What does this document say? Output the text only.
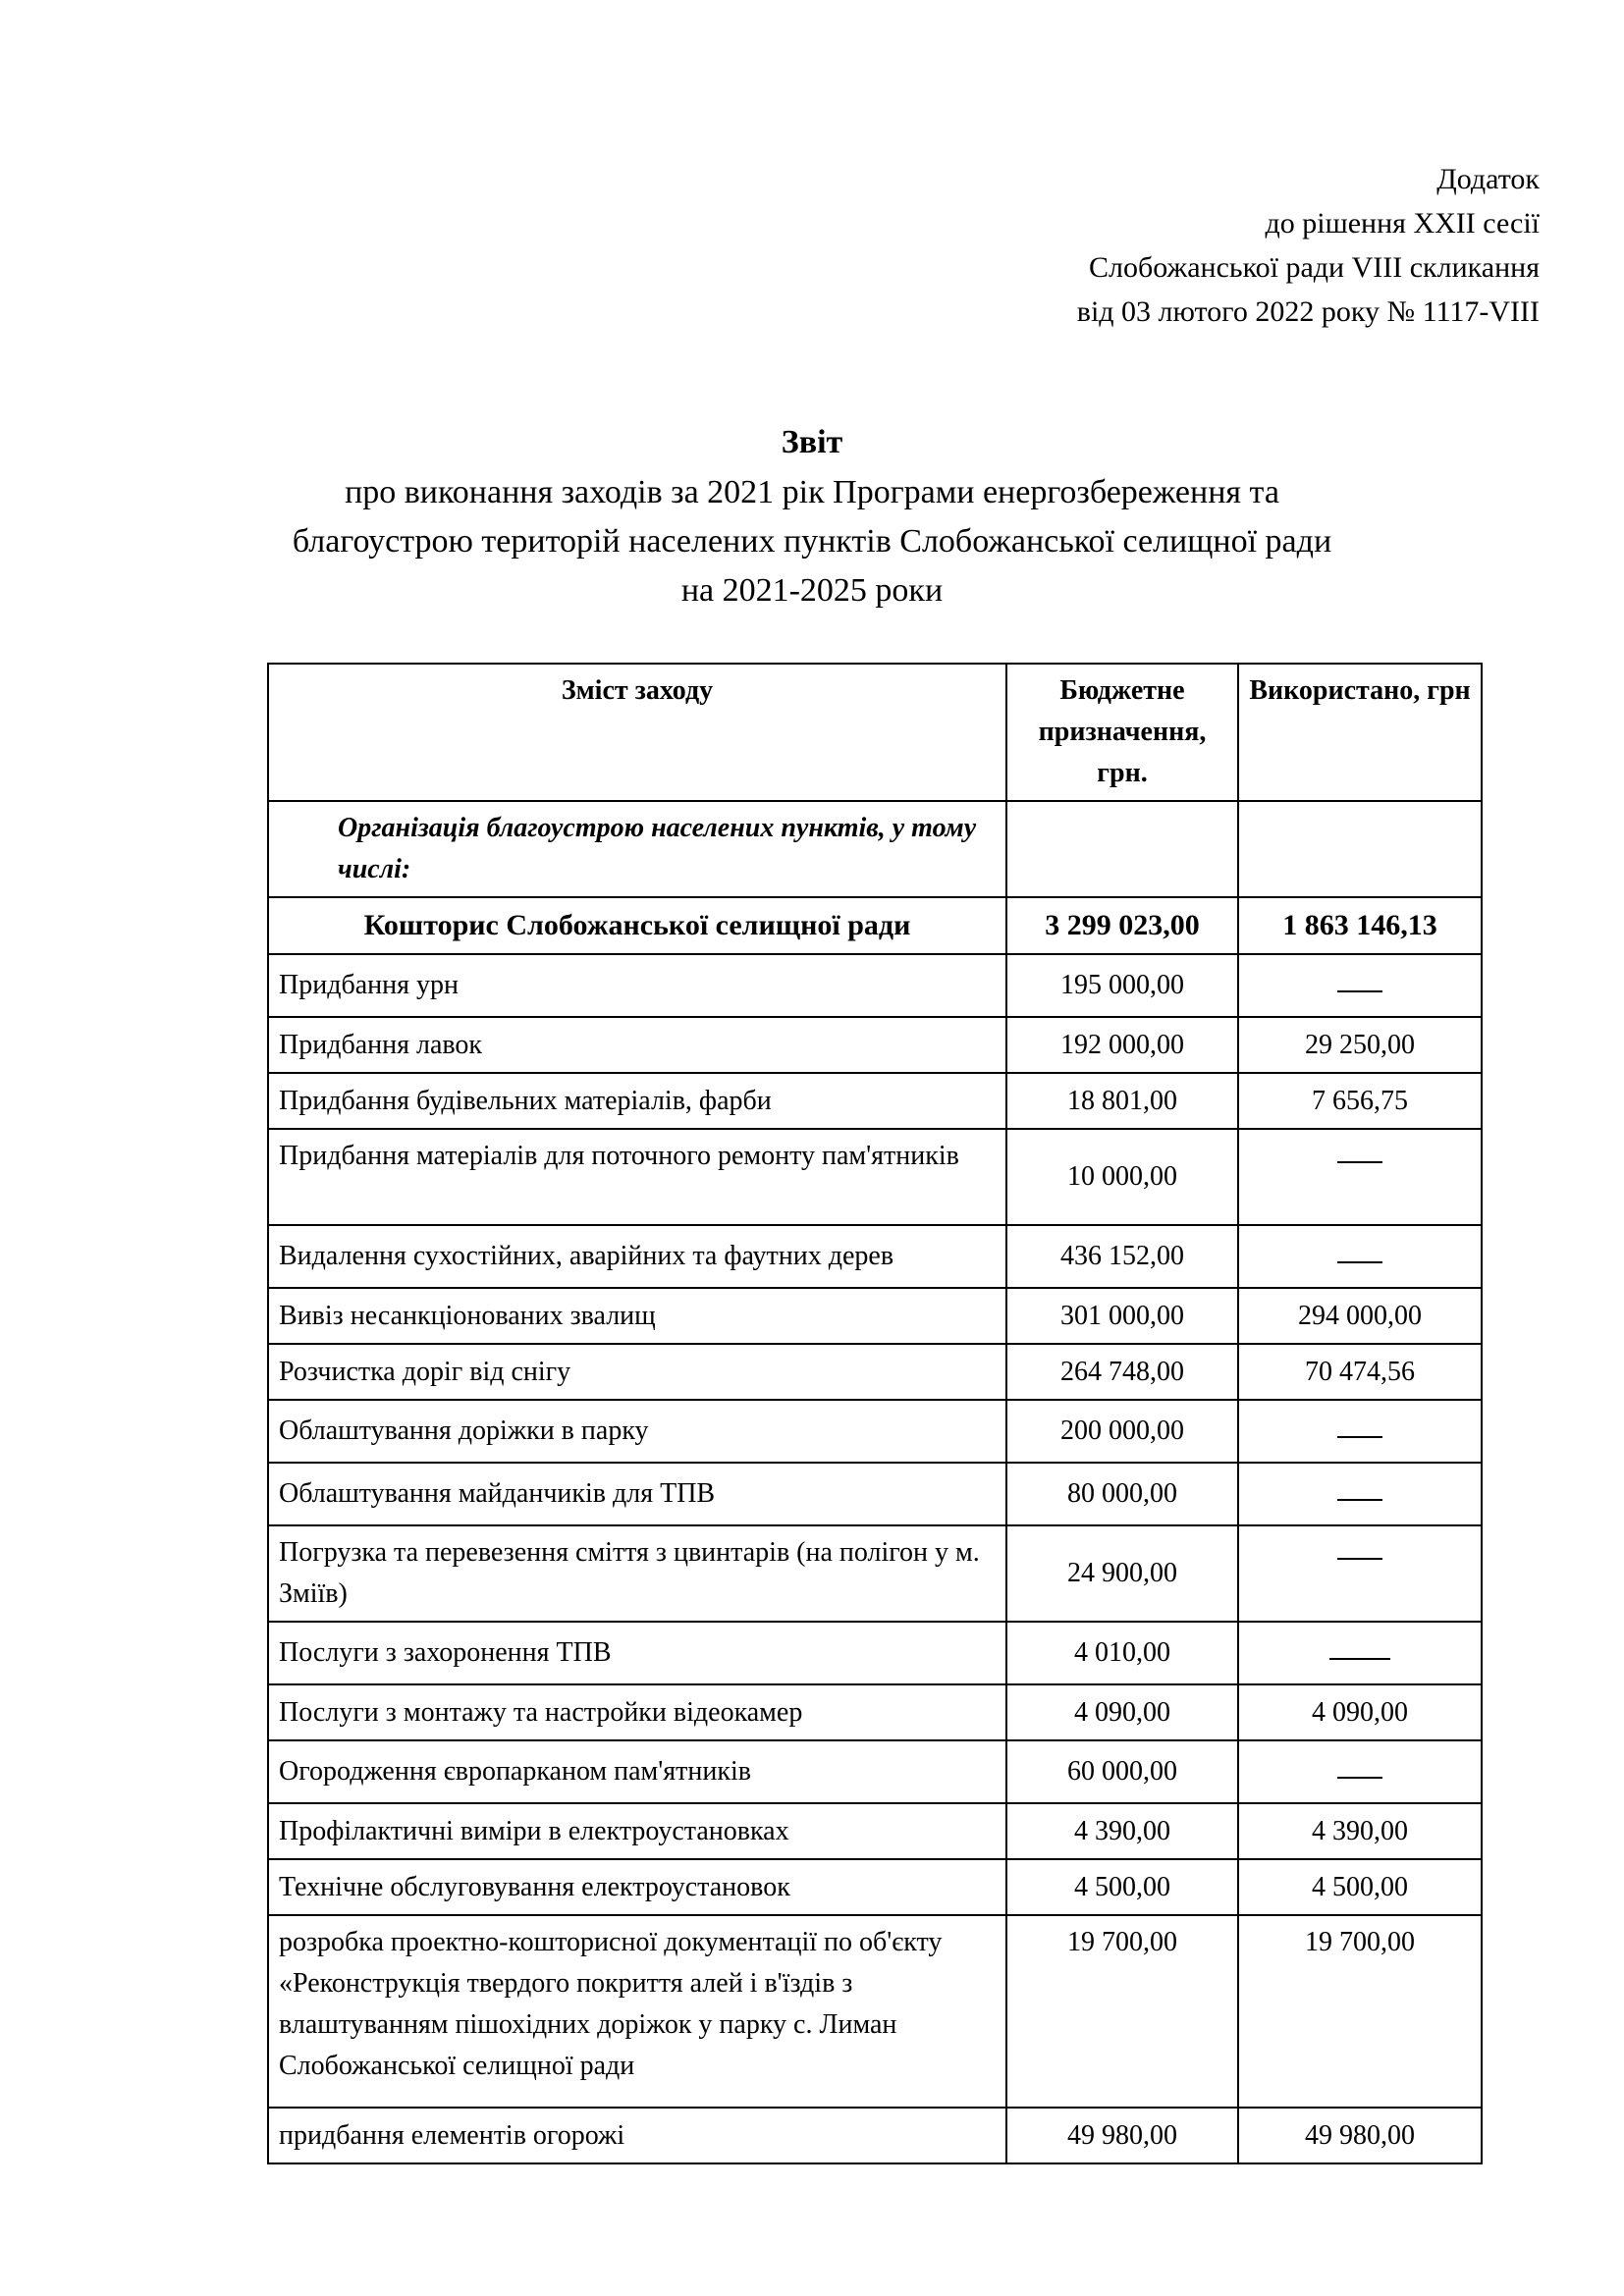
Додаток
до рішення XXII сесії
Слобожанської ради VIII скликання
від 03 лютого 2022 року № 1117-VIII
Звіт
про виконання заходів за 2021 рік Програми енергозбереження та
благоустрою територій населених пунктів Слобожанської селищної ради
на 2021-2025 роки
Зміст заходу	Бюджетне призначення, грн.	Використано, грн
Організація благоустрою населених пунктів, у тому числі:		
Кошторис Слобожанської селищної ради	3 299 023,00	1 863 146,13
Придбання урн	195 000,00	

Придбання лавок	192 000,00	29 250,00
Придбання будівельних матеріалів, фарби	18 801,00	7 656,75
Придбання матеріалів для поточного ремонту пам'ятників	10 000,00	

Видалення сухостійних, аварійних та фаутних дерев	436 152,00	

Вивіз несанкціонованих звалищ	301 000,00	294 000,00
Розчистка доріг від снігу	264 748,00	70 474,56
Облаштування доріжки в парку	200 000,00	

Облаштування майданчиків для ТПВ	80 000,00	

Погрузка та перевезення сміття з цвинтарів (на полігон у м. Зміїв)	24 900,00	

Послуги з захоронення ТПВ	4 010,00	

Послуги з монтажу та настройки відеокамер	4 090,00	4 090,00
Огородження європарканом пам'ятників	60 000,00	

Профілактичні виміри в електроустановках	4 390,00	4 390,00
Технічне обслуговування електроустановок	4 500,00	4 500,00
розробка проектно-кошторисної документації по об'єкту «Реконструкція твердого покриття алей і в'їздів з влаштуванням пішохідних доріжок у парку с. Лиман Слобожанської селищної ради	19 700,00	19 700,00
придбання елементів огорожі	49 980,00	49 980,00
